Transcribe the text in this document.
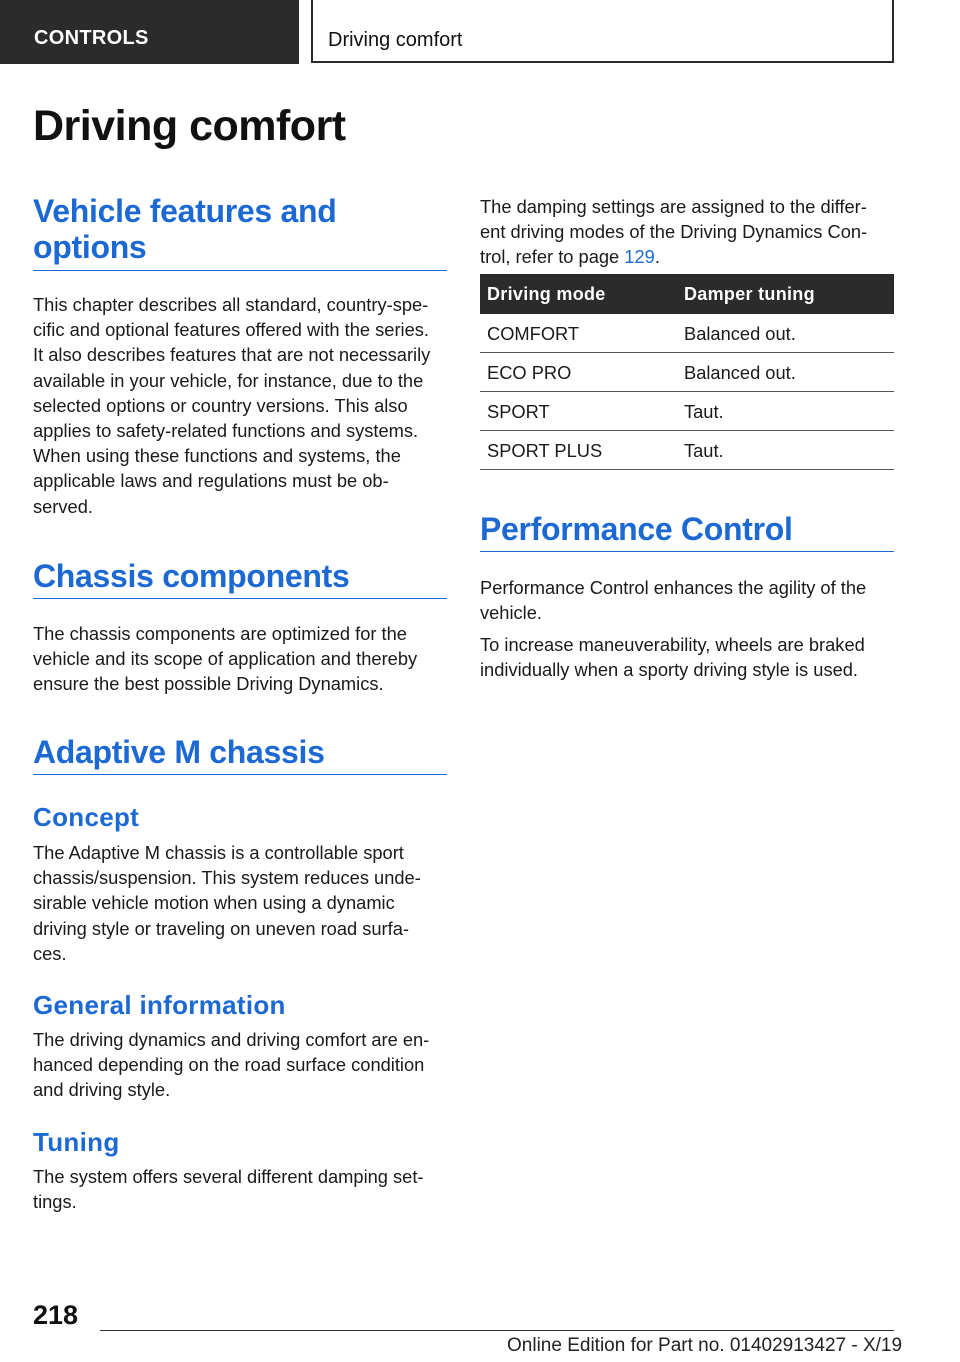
CONTROLS	Driving comfort
Driving comfort
Vehicle features and
options

This chapter describes all standard, country-spe-
cific and optional features offered with the series.
It also describes features that are not necessarily
available in your vehicle, for instance, due to the
selected options or country versions. This also
applies to safety-related functions and systems.
When using these functions and systems, the
applicable laws and regulations must be ob-
served.

Chassis components

The chassis components are optimized for the
vehicle and its scope of application and thereby
ensure the best possible Driving Dynamics.

Adaptive M chassis
Concept

The Adaptive M chassis is a controllable sport
chassis/suspension. This system reduces unde-
sirable vehicle motion when using a dynamic
driving style or traveling on uneven road surfa-
ces.

General information

The driving dynamics and driving comfort are en-
hanced depending on the road surface condition
and driving style.

Tuning

The system offers several different damping set-
tings.

The damping settings are assigned to the differ-
ent driving modes of the Driving Dynamics Con-
trol, refer to page 129.

Driving mode	Damper tuning
COMFORT	Balanced out.
ECO PRO	Balanced out.
SPORT	Taut.
SPORT PLUS	Taut.
Performance Control

Performance Control enhances the agility of the
vehicle.

To increase maneuverability, wheels are braked
individually when a sporty driving style is used.

218
Online Edition for Part no. 01402913427 - X/19
